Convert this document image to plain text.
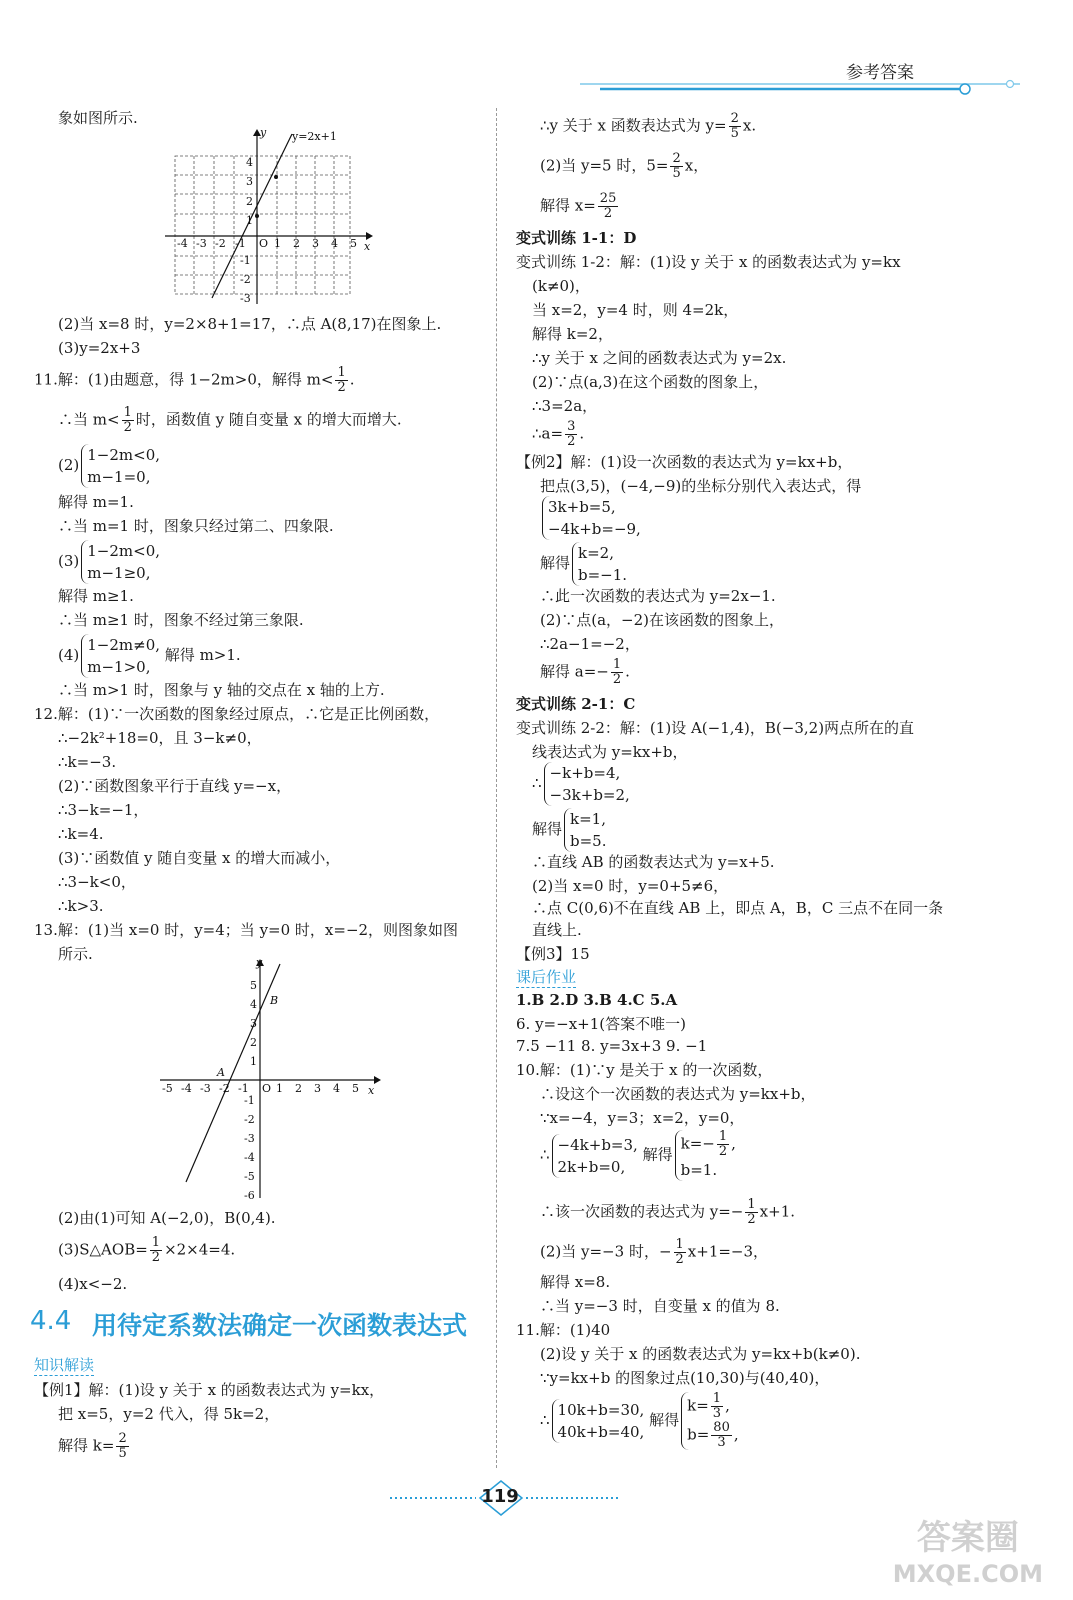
参考答案
象如图所示.
y=2x+1
y
x
O
-4 -3 -2 -1	1 2 3 4 5
4
3
2
1
-1
-2
-3
(2)当 x=8 时，y=2×8+1=17，∴点 A(8,17)在图象上.
(3)y=2x+3
11.解：(1)由题意，得 1−2m>0，解得 $m< \frac{1}{2}$ .
∴当 $m< \frac{1}{2}$ 时，函数值 y 随自变量 x 的增大而增大.
(2)
1−2m<0,
m−1=0,
解得 m=1.
∴当 m=1 时，图象只经过第二、四象限.
(3)
1−2m<0,
m−1≥0,
解得 m≥1.
∴当 m≥1 时，图象不经过第三象限.
(4)
1−2m≠0,
m−1>0,
解得 m>1.
∴当 m>1 时，图象与 y 轴的交点在 x 轴的上方.
12.解：(1)∵一次函数的图象经过原点，∴它是正比例函数，
∴−2k²+18=0，且 3−k≠0，
∴k=−3.
(2)∵函数图象平行于直线 y=−x，
∴3−k=−1，
∴k=4.
(3)∵函数值 y 随自变量 x 的增大而减小，
∴3−k<0，
∴k>3.
13.解：(1)当 x=0 时，y=4；当 y=0 时，x=−2，则图象如图
所示.	y
x
O
A
B
-5 -4 -3 -2 -1 1 2 3 4 5
5
4
3
2
1
-1
-2
-3
-4
-5
-6
(2)由(1)可知 A(−2,0)，B(0,4).
(3)S△AOB= $\frac{1}{2} \times 2\times 4=4$.
(4)x<−2.
4.4 用待定系数法确定一次函数表达式
知识解读
【例1】解：(1)设 y 关于 x 的函数表达式为 y=kx，
把 x=5，y=2 代入，得 5k=2，
解得 $k= \frac{2}{5}$
∴y 关于 x 函数表达式为 $y= \frac{2}{5} x$.
(2)当 y=5 时，$5= \frac{2}{5}$ x，
解得 $x= \frac{25}{2}$
变式训练 1-1：D
变式训练 1-2：解：(1)设 y 关于 x 的函数表达式为 y=kx
(k≠0)，
当 x=2，y=4 时，则 4=2k，
解得 k=2，
∴y 关于 x 之间的函数表达式为 y=2x.
(2)∵点(a,3)在这个函数的图象上，
∴3=2a，
∴a= $\frac{3}{2}$ .
【例2】解：(1)设一次函数的表达式为 y=kx+b，
把点(3,5)，(−4,−9)的坐标分别代入表达式，得
3k+b=5,
−4k+b=−9,
解得
k=2,
b=−1.
∴此一次函数的表达式为 y=2x−1.
(2)∵点(a，−2)在该函数的图象上，
∴2a−1=−2，
解得 $a=- \frac{1}{2}$ .
变式训练 2-1：C
变式训练 2-2：解：(1)设 A(−1,4)，B(−3,2)两点所在的直
线表达式为 y=kx+b，
∴
−k+b=4,
−3k+b=2,
解得
k=1,
b=5.
∴直线 AB 的函数表达式为 y=x+5.
(2)当 x=0 时，y=0+5≠6，
∴点 C(0,6)不在直线 AB 上，即点 A，B，C 三点不在同一条
直线上.
【例3】15
课后作业
1.B 2.D 3.B 4.C 5.A
6. y=−x+1(答案不唯一)
7.5 −11 8. y=3x+3 9. −1
10.解：(1)∵y 是关于 x 的一次函数，
∴设这个一次函数的表达式为 y=kx+b，
∵x=−4，y=3；x=2，y=0，
∴
−4k+b=3,
2k+b=0,
解得
$k=- \frac{1}{2}$ ,
b=1.
∴该一次函数的表达式为 $y=- \frac{1}{2} x+1$.
(2)当 y=−3 时，− $\frac{1}{2} x+1=-3$，
解得 x=8.
∴当 y=−3 时，自变量 x 的值为 8.
11.解：(1)40
(2)设 y 关于 x 的函数表达式为 y=kx+b(k≠0).
∵y=kx+b 的图象过点(10,30)与(40,40)，
∴
10k+b=30,
40k+b=40,
解得
$k= \frac{1}{3}$ ,
$b= \frac{80}{3}$ ,
119
答案圈
MXQE.COM
